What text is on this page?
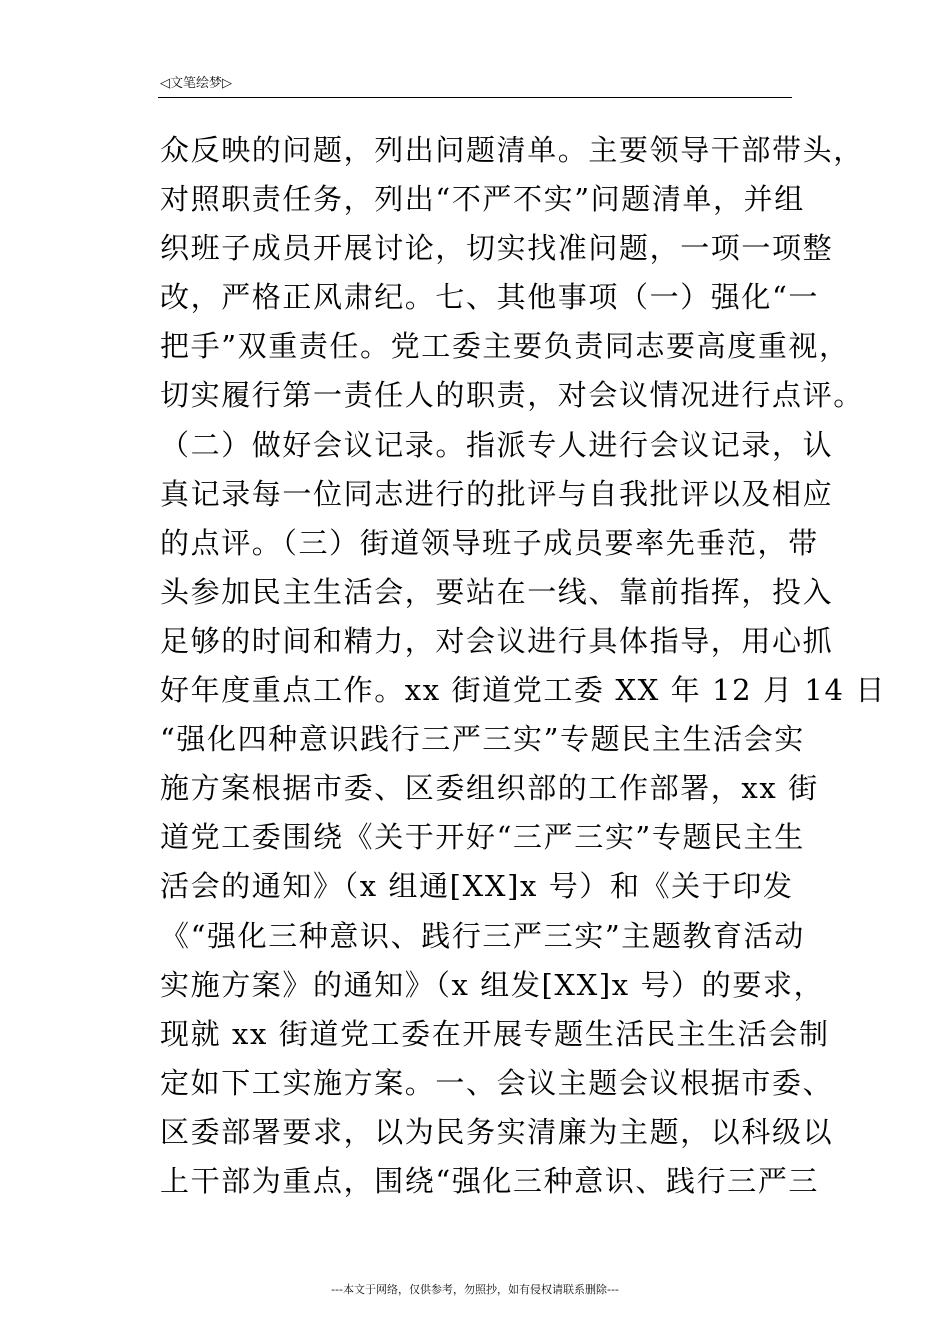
◁文笔绘梦▷
众反映的问题，列出问题清单。主要领导干部带头，
对照职责任务，列出“不严不实”问题清单，并组
织班子成员开展讨论，切实找准问题，一项一项整
改，严格正风肃纪。七、其他事项（一）强化“一
把手”双重责任。党工委主要负责同志要高度重视，
切实履行第一责任人的职责，对会议情况进行点评。
（二）做好会议记录。指派专人进行会议记录，认
真记录每一位同志进行的批评与自我批评以及相应
的点评。（三）街道领导班子成员要率先垂范，带
头参加民主生活会，要站在一线、靠前指挥，投入
足够的时间和精力，对会议进行具体指导，用心抓
好年度重点工作。xx 街道党工委 XX 年 12 月 14 日
“强化四种意识践行三严三实”专题民主生活会实
施方案根据市委、区委组织部的工作部署，xx 街
道党工委围绕《关于开好“三严三实”专题民主生
活会的通知》（x 组通[XX]x 号）和《关于印发
《“强化三种意识、践行三严三实”主题教育活动
实施方案》的通知》（x 组发[XX]x 号）的要求，
现就 xx 街道党工委在开展专题生活民主生活会制
定如下工实施方案。一、会议主题会议根据市委、
区委部署要求，以为民务实清廉为主题，以科级以
上干部为重点，围绕“强化三种意识、践行三严三
---本文于网络，仅供参考，勿照抄，如有侵权请联系删除---
